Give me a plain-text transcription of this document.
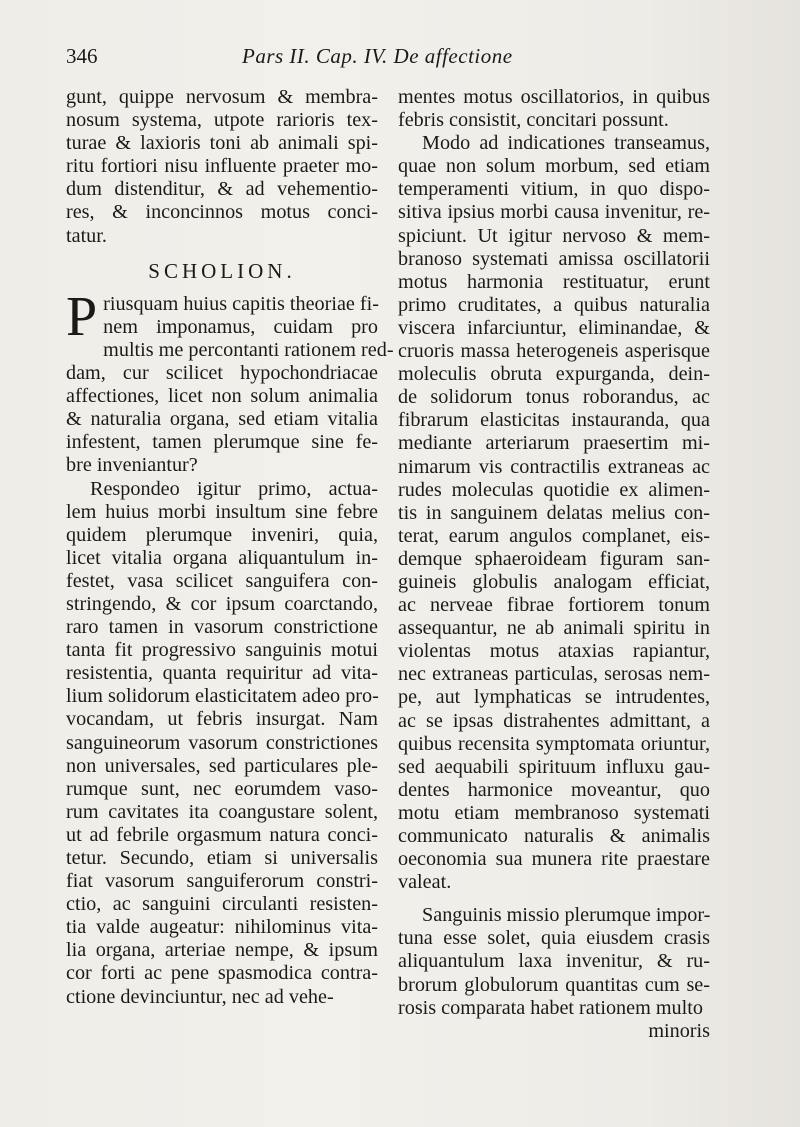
346	Pars II. Cap. IV. De affectione
gunt, quippe nervosum & membra-
nosum systema, utpote rarioris tex-
turae & laxioris toni ab animali spi-
ritu fortiori nisu influente praeter mo-
dum distenditur, & ad vehementio-
res, & inconcinnos motus conci-
tatur.
SCHOLION.
P riusquam huius capitis theoriae fi-
nem imponamus, cuidam pro
multis me percontanti rationem red-
dam, cur scilicet hypochondriacae
affectiones, licet non solum animalia
& naturalia organa, sed etiam vitalia
infestent, tamen plerumque sine fe-
bre inveniantur?
Respondeo igitur primo, actua-
lem huius morbi insultum sine febre
quidem plerumque inveniri, quia,
licet vitalia organa aliquantulum in-
festet, vasa scilicet sanguifera con-
stringendo, & cor ipsum coarctando,
raro tamen in vasorum constrictione
tanta fit progressivo sanguinis motui
resistentia, quanta requiritur ad vita-
lium solidorum elasticitatem adeo pro-
vocandam, ut febris insurgat. Nam
sanguineorum vasorum constrictiones
non universales, sed particulares ple-
rumque sunt, nec eorumdem vaso-
rum cavitates ita coangustare solent,
ut ad febrile orgasmum natura conci-
tetur. Secundo, etiam si universalis
fiat vasorum sanguiferorum constri-
ctio, ac sanguini circulanti resisten-
tia valde augeatur: nihilominus vita-
lia organa, arteriae nempe, & ipsum
cor forti ac pene spasmodica contra-
ctione devinciuntur, nec ad vehe-
mentes motus oscillatorios, in quibus
febris consistit, concitari possunt.
Modo ad indicationes transeamus,
quae non solum morbum, sed etiam
temperamenti vitium, in quo dispo-
sitiva ipsius morbi causa invenitur, re-
spiciunt. Ut igitur nervoso & mem-
branoso systemati amissa oscillatorii
motus harmonia restituatur, erunt
primo cruditates, a quibus naturalia
viscera infarciuntur, eliminandae, &
cruoris massa heterogeneis asperisque
moleculis obruta expurganda, dein-
de solidorum tonus roborandus, ac
fibrarum elasticitas instauranda, qua
mediante arteriarum praesertim mi-
nimarum vis contractilis extraneas ac
rudes moleculas quotidie ex alimen-
tis in sanguinem delatas melius con-
terat, earum angulos complanet, eis-
demque sphaeroideam figuram san-
guineis globulis analogam efficiat,
ac nerveae fibrae fortiorem tonum
assequantur, ne ab animali spiritu in
violentas motus ataxias rapiantur,
nec extraneas particulas, serosas nem-
pe, aut lymphaticas se intrudentes,
ac se ipsas distrahentes admittant, a
quibus recensita symptomata oriuntur,
sed aequabili spirituum influxu gau-
dentes harmonice moveantur, quo
motu etiam membranoso systemati
communicato naturalis & animalis
oeconomia sua munera rite praestare
valeat.
Sanguinis missio plerumque impor-
tuna esse solet, quia eiusdem crasis
aliquantulum laxa invenitur, & ru-
brorum globulorum quantitas cum se-
rosis comparata habet rationem multo
minoris
